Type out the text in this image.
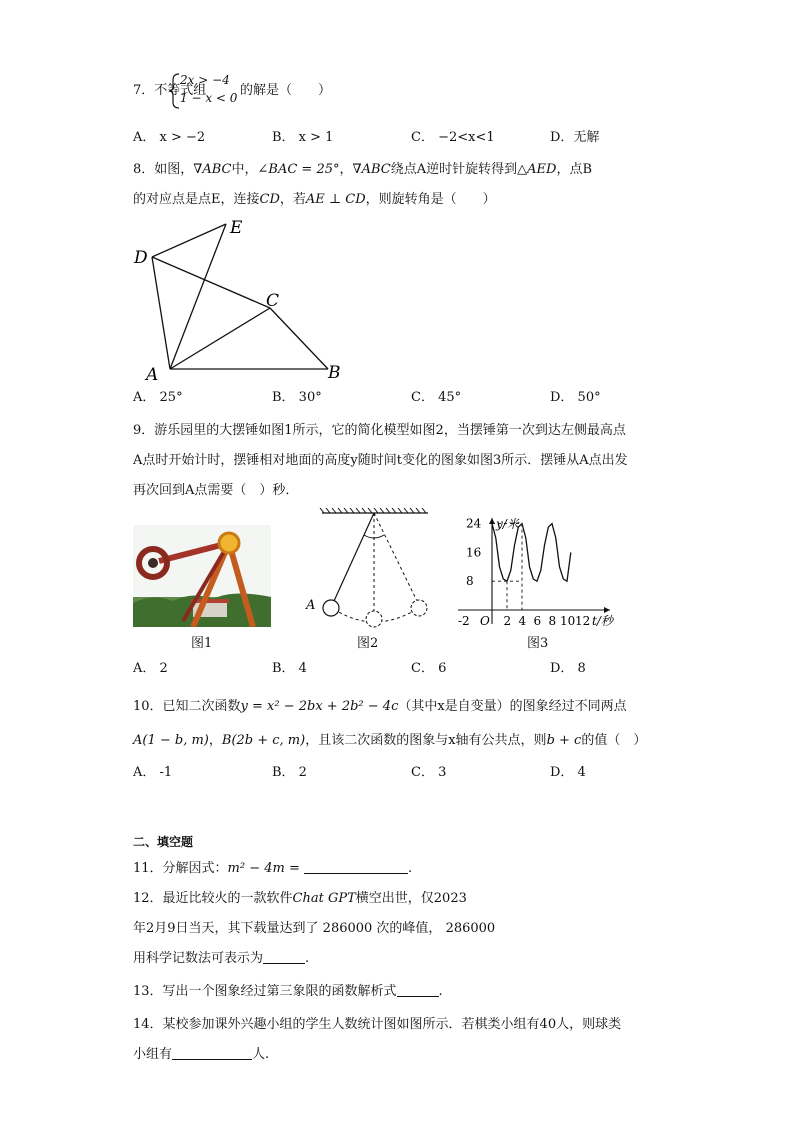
7．不等式组
2x > −4
1 − x < 0 的解是（　　）
A． x > −2	B． x > 1	C． −2<x<1	D．无解
8．如图，∇ABC中，∠BAC = 25°，∇ABC绕点A逆时针旋转得到△AED，点B
的对应点是点E，连接CD，若AE ⊥ CD，则旋转角是（　　）
E
D
C
A	B
A． 25°	B． 30°	C． 45°	D． 50°
9．游乐园里的大摆锤如图1所示，它的简化模型如图2，当摆锤第一次到达左侧最高点
A点时开始计时，摆锤相对地面的高度y随时间t变化的图象如图3所示．摆锤从A点出发
再次回到A点需要（　）秒．
图1
A
图2
8
16
24
-2	2 4 6 8 10 12
y/米
t/秒
O
图3
A． 2	B． 4	C． 6	D． 8
10．已知二次函数y = x² − 2bx + 2b² − 4c（其中x是自变量）的图象经过不同两点
A(1 − b, m)，B(2b + c, m)，且该二次函数的图象与x轴有公共点，则b + c的值（　）
A． -1	B． 2	C． 3	D． 4
二、填空题
11．分解因式：m² − 4m =	.
12．最近比较火的一款软件Chat GPT横空出世，仅2023
年2月9日当天，其下载量达到了 286000 次的峰值， 286000
用科学记数法可表示为	.
13．写出一个图象经过第三象限的函数解析式	.
14．某校参加课外兴趣小组的学生人数统计图如图所示．若棋类小组有40人，则球类
小组有	人.
